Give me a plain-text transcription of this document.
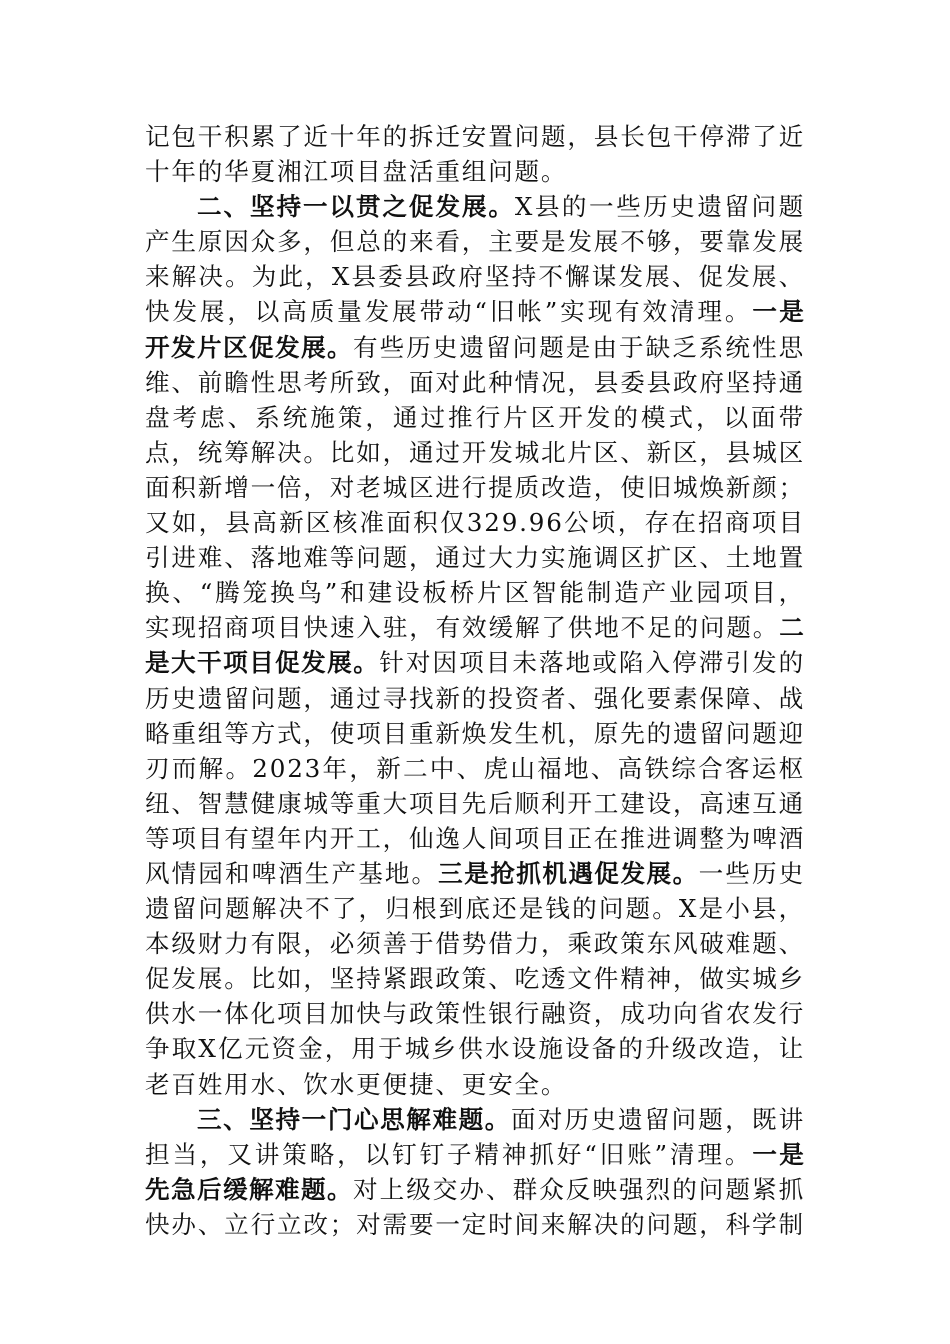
记包干积累了近十年的拆迁安置问题，县长包干停滞了近十年的华夏湘江项目盘活重组问题。

二、坚持一以贯之促发展。X县的一些历史遗留问题产生原因众多，但总的来看，主要是发展不够，要靠发展来解决。为此，X县委县政府坚持不懈谋发展、促发展、快发展，以高质量发展带动“旧帐”实现有效清理。一是开发片区促发展。有些历史遗留问题是由于缺乏系统性思维、前瞻性思考所致，面对此种情况，县委县政府坚持通盘考虑、系统施策，通过推行片区开发的模式，以面带点，统筹解决。比如，通过开发城北片区、新区，县城区面积新增一倍，对老城区进行提质改造，使旧城焕新颜；又如，县高新区核准面积仅329.96公顷，存在招商项目引进难、落地难等问题，通过大力实施调区扩区、土地置换、“腾笼换鸟”和建设板桥片区智能制造产业园项目，实现招商项目快速入驻，有效缓解了供地不足的问题。二是大干项目促发展。针对因项目未落地或陷入停滞引发的历史遗留问题，通过寻找新的投资者、强化要素保障、战略重组等方式，使项目重新焕发生机，原先的遗留问题迎刃而解。2023年，新二中、虎山福地、高铁综合客运枢纽、智慧健康城等重大项目先后顺利开工建设，高速互通等项目有望年内开工，仙逸人间项目正在推进调整为啤酒风情园和啤酒生产基地。三是抢抓机遇促发展。一些历史遗留问题解决不了，归根到底还是钱的问题。X是小县，本级财力有限，必须善于借势借力，乘政策东风破难题、促发展。比如，坚持紧跟政策、吃透文件精神，做实城乡供水一体化项目加快与政策性银行融资，成功向省农发行争取X亿元资金，用于城乡供水设施设备的升级改造，让老百姓用水、饮水更便捷、更安全。

三、坚持一门心思解难题。面对历史遗留问题，既讲担当，又讲策略，以钉钉子精神抓好“旧账”清理。一是先急后缓解难题。对上级交办、群众反映强烈的问题紧抓快办、立行立改；对需要一定时间来解决的问题，科学制
